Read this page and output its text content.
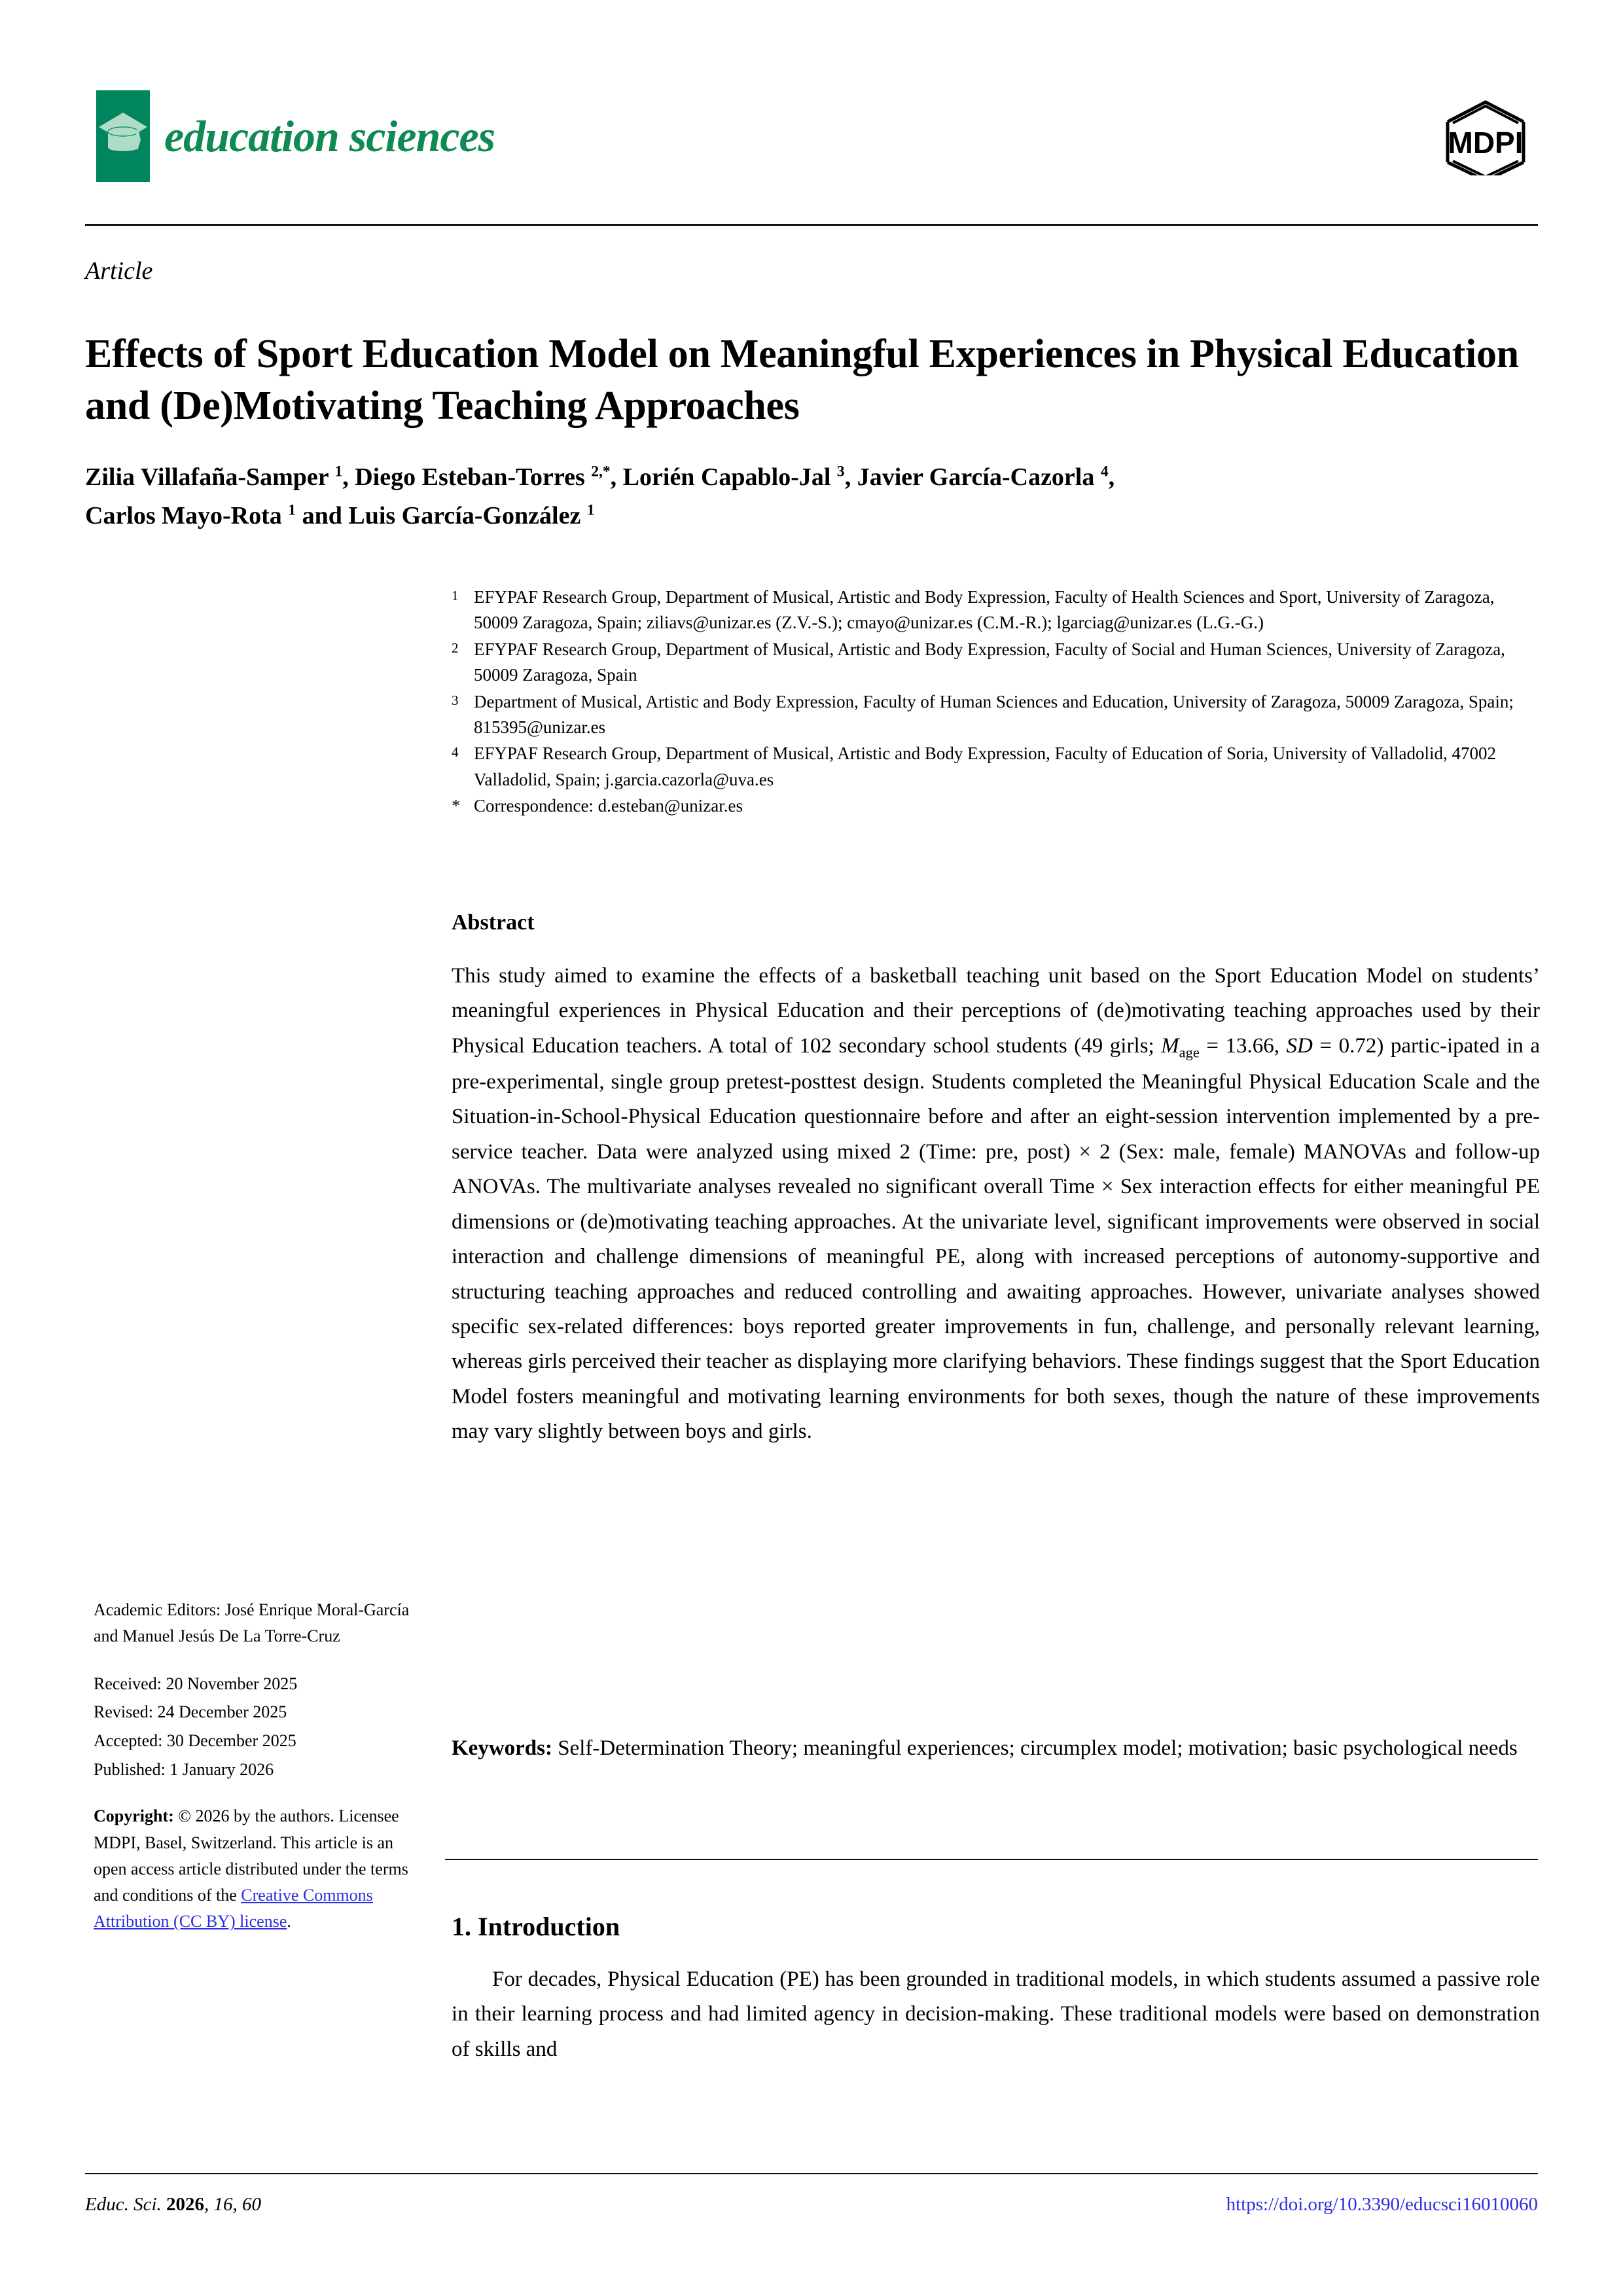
education sciences	MDPI
Article
Effects of Sport Education Model on Meaningful Experiences in Physical Education and (De)Motivating Teaching Approaches
Zilia Villafaña-Samper $^1$, Diego Esteban-Torres $^{2,*}$, Lorién Capablo-Jal $^3$, Javier García-Cazorla $^4$,
Carlos Mayo-Rota $^1$ and Luis García-González $^1$
1 EFYPAF Research Group, Department of Musical, Artistic and Body Expression, Faculty of Health Sciences and Sport, University of Zaragoza, 50009 Zaragoza, Spain; ziliavs@unizar.es (Z.V.-S.); cmayo@unizar.es (C.M.-R.); lgarciag@unizar.es (L.G.-G.)
2 EFYPAF Research Group, Department of Musical, Artistic and Body Expression, Faculty of Social and Human Sciences, University of Zaragoza, 50009 Zaragoza, Spain
3 Department of Musical, Artistic and Body Expression, Faculty of Human Sciences and Education, University of Zaragoza, 50009 Zaragoza, Spain; 815395@unizar.es
4 EFYPAF Research Group, Department of Musical, Artistic and Body Expression, Faculty of Education of Soria, University of Valladolid, 47002 Valladolid, Spain; j.garcia.cazorla@uva.es
* Correspondence: d.esteban@unizar.es
Abstract
This study aimed to examine the effects of a basketball teaching unit based on the Sport Education Model on students’ meaningful experiences in Physical Education and their perceptions of (de)motivating teaching approaches used by their Physical Education teachers. A total of 102 secondary school students (49 girls; $M_{age} = 13.66$, SD = 0.72) partic-ipated in a pre-experimental, single group pretest-posttest design. Students completed the Meaningful Physical Education Scale and the Situation-in-School-Physical Education questionnaire before and after an eight-session intervention implemented by a pre-service teacher. Data were analyzed using mixed 2 (Time: pre, post) × 2 (Sex: male, female) MANOVAs and follow-up ANOVAs. The multivariate analyses revealed no significant overall Time × Sex interaction effects for either meaningful PE dimensions or (de)motivating teaching approaches. At the univariate level, significant improvements were observed in social interaction and challenge dimensions of meaningful PE, along with increased perceptions of autonomy-supportive and structuring teaching approaches and reduced controlling and awaiting approaches. However, univariate analyses showed specific sex-related differences: boys reported greater improvements in fun, challenge, and personally relevant learning, whereas girls perceived their teacher as displaying more clarifying behaviors. These findings suggest that the Sport Education Model fosters meaningful and motivating learning environments for both sexes, though the nature of these improvements may vary slightly between boys and girls.
Keywords: Self-Determination Theory; meaningful experiences; circumplex model; motivation; basic psychological needs
1. Introduction
For decades, Physical Education (PE) has been grounded in traditional models, in which students assumed a passive role in their learning process and had limited agency in decision-making. These traditional models were based on demonstration of skills and
Academic Editors: José Enrique Moral-García and Manuel Jesús De La Torre-Cruz
Received: 20 November 2025
Revised: 24 December 2025
Accepted: 30 December 2025
Published: 1 January 2026
Copyright: © 2026 by the authors. Licensee MDPI, Basel, Switzerland. This article is an open access article distributed under the terms and conditions of the Creative Commons Attribution (CC BY) license.
Educ. Sci. 2026, 16, 60	https://doi.org/10.3390/educsci16010060
